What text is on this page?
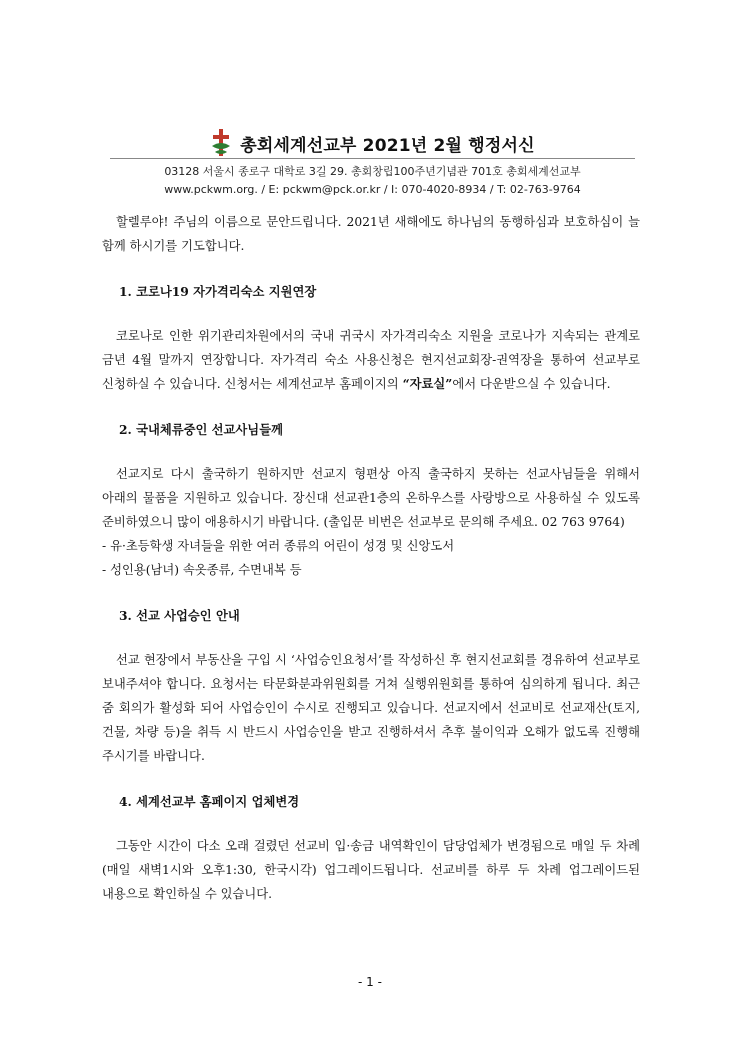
총회세계선교부 2021년 2월 행정서신
03128 서울시 종로구 대학로 3길 29. 총회창립100주년기념관 701호 총회세계선교부
www.pckwm.org. / E: pckwm@pck.or.kr / I: 070-4020-8934 / T: 02-763-9764

할렐루야! 주님의 이름으로 문안드립니다. 2021년 새해에도 하나님의 동행하심과 보호하심이 늘 함께 하시기를 기도합니다.

1. 코로나19 자가격리숙소 지원연장

코로나로 인한 위기관리차원에서의 국내 귀국시 자가격리숙소 지원을 코로나가 지속되는 관계로 금년 4월 말까지 연장합니다. 자가격리 숙소 사용신청은 현지선교회장-권역장을 통하여 선교부로 신청하실 수 있습니다. 신청서는 세계선교부 홈페이지의 “자료실”에서 다운받으실 수 있습니다.

2. 국내체류중인 선교사님들께

선교지로 다시 출국하기 원하지만 선교지 형편상 아직 출국하지 못하는 선교사님들을 위해서 아래의 물품을 지원하고 있습니다. 장신대 선교관1층의 온하우스를 사랑방으로 사용하실 수 있도록 준비하였으니 많이 애용하시기 바랍니다. (출입문 비번은 선교부로 문의해 주세요. 02 763 9764)

- 유·초등학생 자녀들을 위한 여러 종류의 어린이 성경 및 신앙도서

- 성인용(남녀) 속옷종류, 수면내복 등

3. 선교 사업승인 안내

선교 현장에서 부동산을 구입 시 ‘사업승인요청서’를 작성하신 후 현지선교회를 경유하여 선교부로 보내주셔야 합니다. 요청서는 타문화분과위원회를 거쳐 실행위원회를 통하여 심의하게 됩니다. 최근 줌 회의가 활성화 되어 사업승인이 수시로 진행되고 있습니다. 선교지에서 선교비로 선교재산(토지, 건물, 차량 등)을 취득 시 반드시 사업승인을 받고 진행하셔서 추후 불이익과 오해가 없도록 진행해 주시기를 바랍니다.

4. 세계선교부 홈페이지 업체변경

그동안 시간이 다소 오래 걸렸던 선교비 입·송금 내역확인이 담당업체가 변경됨으로 매일 두 차례(매일 새벽1시와 오후1:30, 한국시각) 업그레이드됩니다. 선교비를 하루 두 차례 업그레이드된 내용으로 확인하실 수 있습니다.

- 1 -
